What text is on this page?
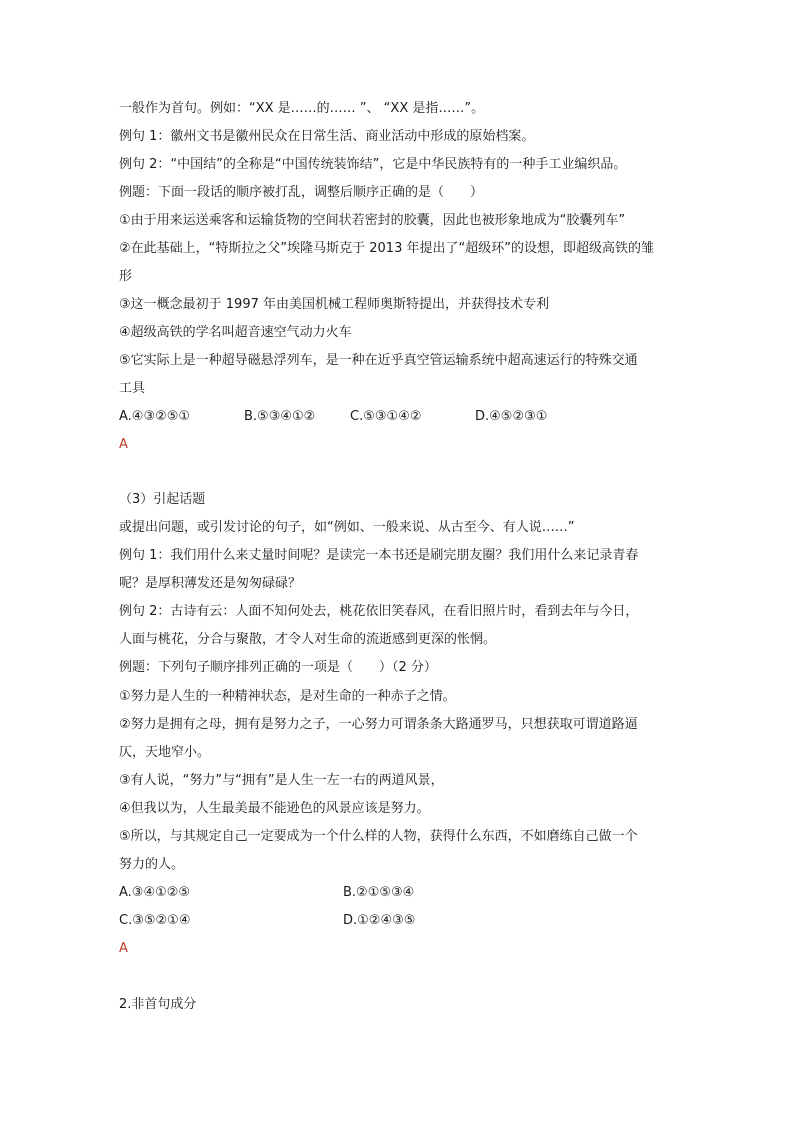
一般作为首句。例如：“XX 是……的…… ”、 “XX 是指……”。
例句 1：徽州文书是徽州民众在日常生活、商业活动中形成的原始档案。
例句 2：“中国结”的全称是“中国传统装饰结”，它是中华民族特有的一种手工业编织品。
例题：下面一段话的顺序被打乱，调整后顺序正确的是（　　）
①由于用来运送乘客和运输货物的空间状若密封的胶囊，因此也被形象地成为“胶囊列车”
②在此基础上，“特斯拉之父”埃隆马斯克于 2013 年提出了“超级环”的设想，即超级高铁的雏
形
③这一概念最初于 1997 年由美国机械工程师奥斯特提出，并获得技术专利
④超级高铁的学名叫超音速空气动力火车
⑤它实际上是一种超导磁悬浮列车，是一种在近乎真空管运输系统中超高速运行的特殊交通
工具
A.④③②⑤①	B.⑤③④①②	C.⑤③①④②	D.④⑤②③①
A
（3）引起话题
或提出问题，或引发讨论的句子，如“例如、一般来说、从古至今、有人说……”
例句 1：我们用什么来丈量时间呢？是读完一本书还是刷完朋友圈？我们用什么来记录青春
呢？是厚积薄发还是匆匆碌碌？
例句 2：古诗有云：人面不知何处去，桃花依旧笑春风，在看旧照片时，看到去年与今日，
人面与桃花，分合与聚散，才令人对生命的流逝感到更深的怅惘。
例题：下列句子顺序排列正确的一项是（　　）（2 分）
①努力是人生的一种精神状态，是对生命的一种赤子之情。
②努力是拥有之母，拥有是努力之子，一心努力可谓条条大路通罗马，只想获取可谓道路逼
仄，天地窄小。
③有人说，“努力”与“拥有”是人生一左一右的两道风景，
④但我以为，人生最美最不能逊色的风景应该是努力。
⑤所以，与其规定自己一定要成为一个什么样的人物，获得什么东西，不如磨练自己做一个
努力的人。
A.③④①②⑤	B.②①⑤③④
C.③⑤②①④	D.①②④③⑤
A
2.非首句成分
